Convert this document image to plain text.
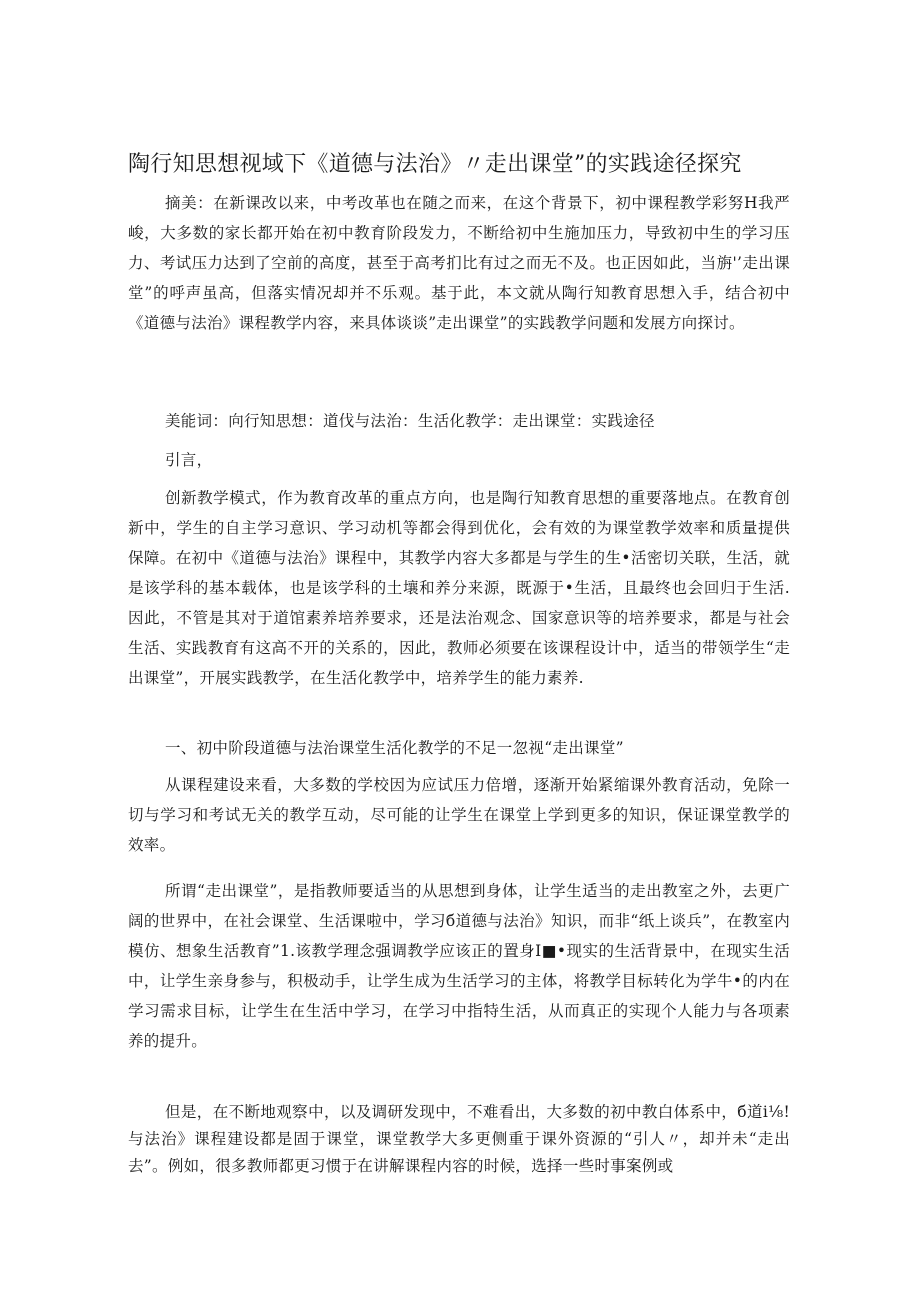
陶行知思想视域下《道德与法治》〃走出课堂”的实践途径探究

摘美：在新课改以来，中考改革也在随之而来，在这个背景下，初中课程教学彩努H我严峻，大多数的家长都开始在初中教育阶段发力，不断给初中生施加压力，导致初中生的学习压力、考试压力达到了空前的高度，甚至于高考扪比有过之而无不及。也正因如此，当旃'’走出课堂”的呼声虽高，但落实情况却并不乐观。基于此，本文就从陶行知教育思想入手，结合初中《道德与法治》课程教学内容，来具体谈谈”走出课堂”的实践教学问题和发展方向探讨。

美能词：向行知思想：道伐与法治：生活化教学：走出课堂：实践途径

引言，

创新教学模式，作为教育改革的重点方向，也是陶行知教育思想的重要落地点。在教育创新中，学生的自主学习意识、学习动机等都会得到优化，会有效的为课堂教学效率和质量提供保障。在初中《道德与法治》课程中，其教学内容大多都是与学生的生•活密切关联，生活，就是该学科的基本载体，也是该学科的土壤和养分来源，既源于•生活，且最终也会回归于生活.因此，不管是其对于道馆素养培养要求，还是法治观念、国家意识等的培养要求，都是与社会生活、实践教育有这高不开的关系的，因此，教师必须要在该课程设计中，适当的带领学生“走出课堂”，开展实践教学，在生活化教学中，培养学生的能力素养.

一、初中阶段道德与法治课堂生活化教学的不足一忽视“走出课堂”

从课程建设来看，大多数的学校因为应试压力倍增，逐渐开始紧缩课外教育活动，免除一切与学习和考试无关的教学互动，尽可能的让学生在课堂上学到更多的知识，保证课堂教学的效率。

所谓“走出课堂”，是指教师要适当的从思想到身体，让学生适当的走出教室之外，去更广阔的世界中，在社会课堂、生活课啦中，学习б道德与法治》知识，而非“纸上谈兵”，在教室内模仿、想象生活教育”1.该教学理念强调教学应该正的置身I■•现实的生活背景中，在现实生活中，让学生亲身参与，积极动手，让学生成为生活学习的主体，将教学目标转化为学牛•的内在学习需求目标，让学生在生活中学习，在学习中指特生活，从而真正的实现个人能力与各项素养的提升。

但是，在不断地观察中，以及调研发现中，不难看出，大多数的初中教白体系中，б道і⅛!与法治》课程建设都是固于课堂，课堂教学大多更侧重于课外资源的“引人〃，却并未“走出去”。例如，很多教师都更习惯于在讲解课程内容的时候，选择一些时事案例或
